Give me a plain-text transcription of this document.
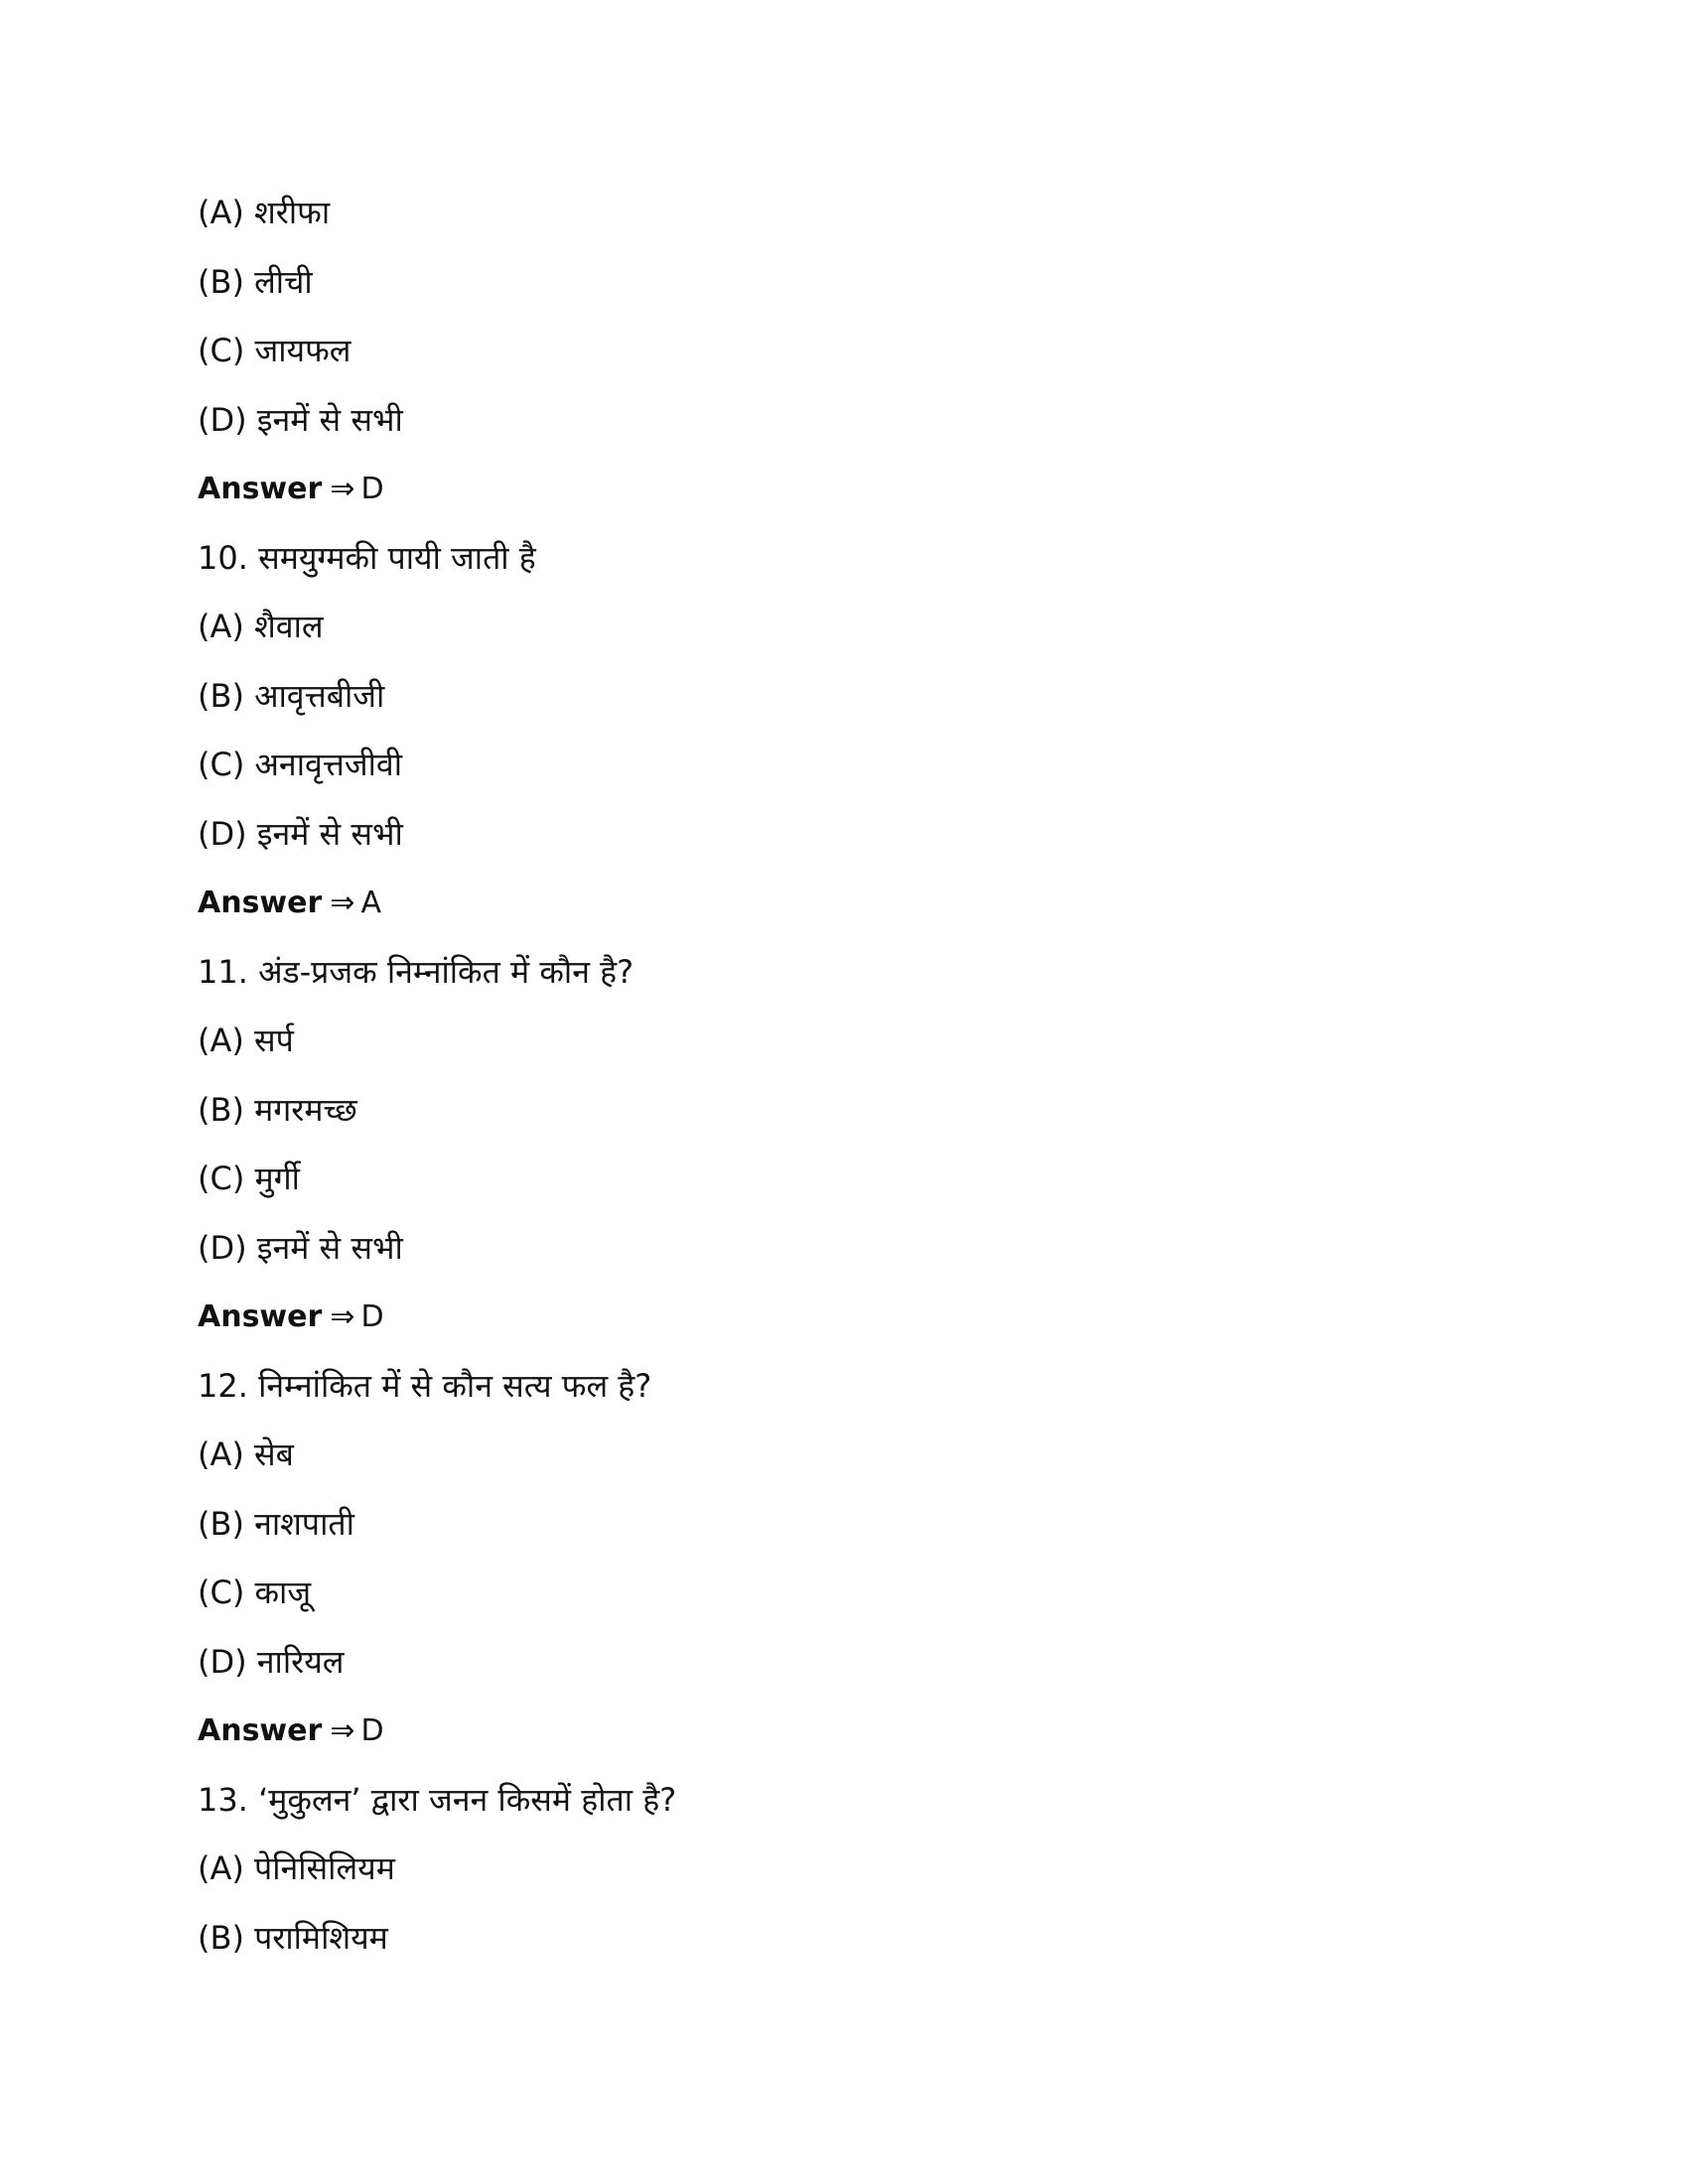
(A) शरीफा
(B) लीची
(C) जायफल
(D) इनमें से सभी
Answer ⇒ D
10. समयुग्मकी पायी जाती है
(A) शैवाल
(B) आवृत्तबीजी
(C) अनावृत्तजीवी
(D) इनमें से सभी
Answer ⇒ A
11. अंड-प्रजक निम्नांकित में कौन है?
(A) सर्प
(B) मगरमच्छ
(C) मुर्गी
(D) इनमें से सभी
Answer ⇒ D
12. निम्नांकित में से कौन सत्य फल है?
(A) सेब
(B) नाशपाती
(C) काजू
(D) नारियल
Answer ⇒ D
13. ‘मुकुलन’ द्वारा जनन किसमें होता है?
(A) पेनिसिलियम
(B) परामिशियम
